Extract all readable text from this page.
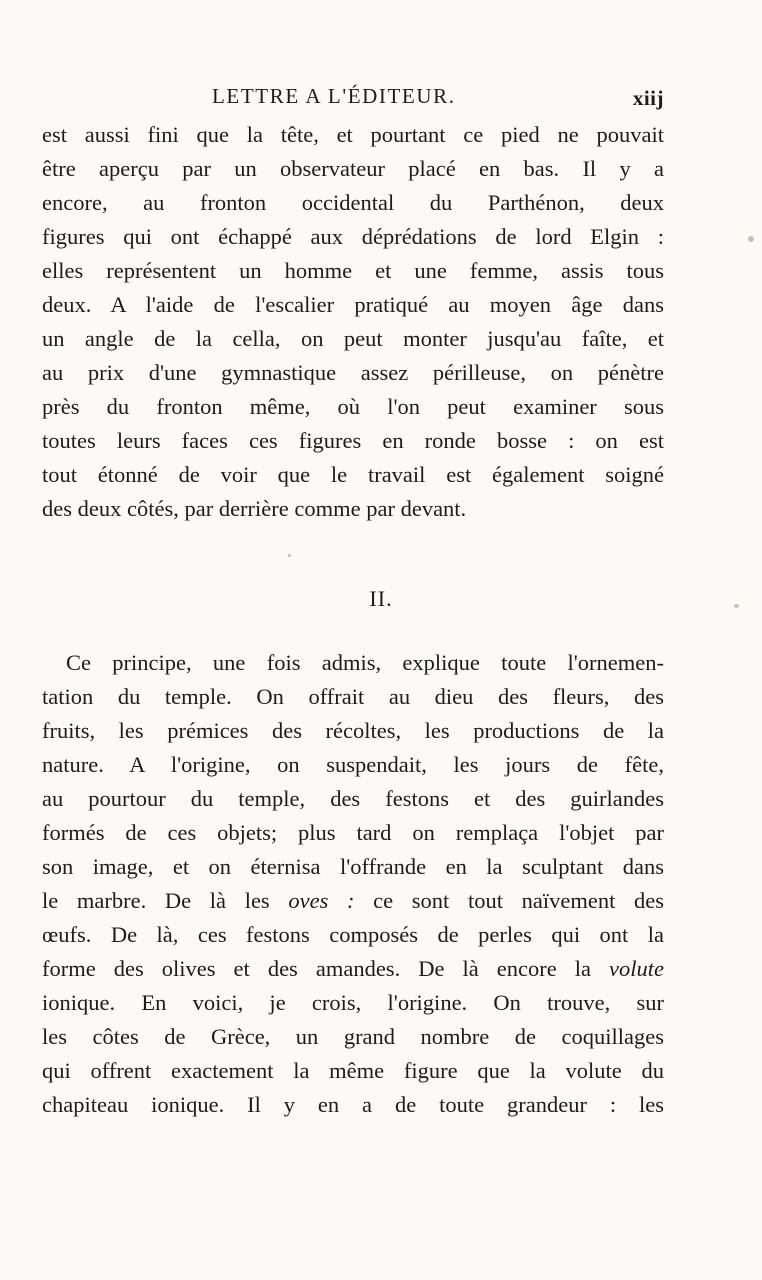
LETTRE A L'ÉDITEUR.	xiij

est aussi fini que la tête, et pourtant ce pied ne pouvait
être aperçu par un observateur placé en bas. Il y a
encore, au fronton occidental du Parthénon, deux
figures qui ont échappé aux déprédations de lord Elgin :
elles représentent un homme et une femme, assis tous
deux. A l'aide de l'escalier pratiqué au moyen âge dans
un angle de la cella, on peut monter jusqu'au faîte, et
au prix d'une gymnastique assez périlleuse, on pénètre
près du fronton même, où l'on peut examiner sous
toutes leurs faces ces figures en ronde bosse : on est
tout étonné de voir que le travail est également soigné
des deux côtés, par derrière comme par devant.

II.

Ce principe, une fois admis, explique toute l'ornemen-
tation du temple. On offrait au dieu des fleurs, des
fruits, les prémices des récoltes, les productions de la
nature. A l'origine, on suspendait, les jours de fête,
au pourtour du temple, des festons et des guirlandes
formés de ces objets; plus tard on remplaça l'objet par
son image, et on éternisa l'offrande en la sculptant dans
le marbre. De là les oves : ce sont tout naïvement des
œufs. De là, ces festons composés de perles qui ont la
forme des olives et des amandes. De là encore la volute
ionique. En voici, je crois, l'origine. On trouve, sur
les côtes de Grèce, un grand nombre de coquillages
qui offrent exactement la même figure que la volute du
chapiteau ionique. Il y en a de toute grandeur : les
